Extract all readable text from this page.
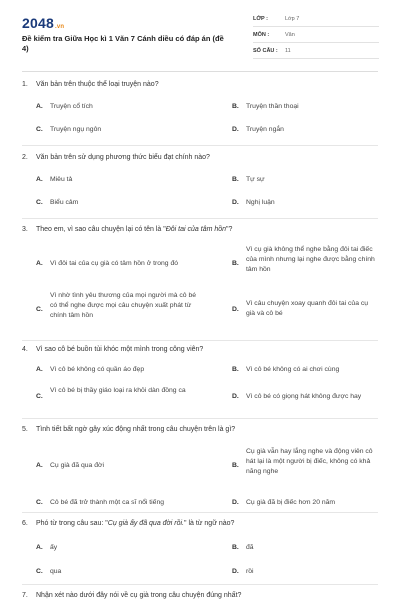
2048.vn
Đề kiểm tra Giữa Học kì 1 Văn 7 Cánh diều có đáp án (đề 4)
LỚP :	Lớp 7
MÔN :	Văn
SỐ CÂU : 11
1. Văn bản trên thuộc thể loại truyện nào?
A. Truyện cổ tích	B. Truyện thần thoại
C. Truyện ngụ ngôn	D. Truyện ngắn
2. Văn bản trên sử dụng phương thức biểu đạt chính nào?
A. Miêu tả	B. Tự sự
C. Biểu cảm	D. Nghị luận
3. Theo em, vì sao câu chuyện lại có tên là "Đôi tai của tâm hồn"?
A. Vì đôi tai của cụ già có tâm hồn ở trong đó	B.
Vì cụ già không thể nghe bằng đôi tai điếc của mình nhưng lại nghe được bằng chính tâm hồn
C.
Vì nhờ tình yêu thương của mọi người mà cô bé có thể nghe được mọi câu chuyện xuất phát từ chính tâm hồn
D.
Vì câu chuyện xoay quanh đôi tai của cụ già và cô bé
4. Vì sao cô bé buồn tủi khóc một mình trong công viên?
A. Vì cô bé không có quần áo đẹp	B. Vì cô bé không có ai chơi cùng
C.
Vì cô bé bị thầy giáo loại ra khỏi dàn đồng ca
D. Vì cô bé có giọng hát không được hay
5. Tình tiết bất ngờ gây xúc động nhất trong câu chuyện trên là gì?
A. Cụ già đã qua đời	B.
Cụ già vẫn hay lắng nghe và động viên cô hát lại là một người bị điếc, không có khả năng nghe
C. Cô bé đã trở thành một ca sĩ nổi tiếng	D. Cụ già đã bị điếc hơn 20 năm
6. Phó từ trong câu sau: "Cụ già ấy đã qua đời rồi." là từ ngữ nào?
A. ấy	B. đã
C. qua	D. rồi
7. Nhận xét nào dưới đây nói về cụ già trong câu chuyện đúng nhất?
